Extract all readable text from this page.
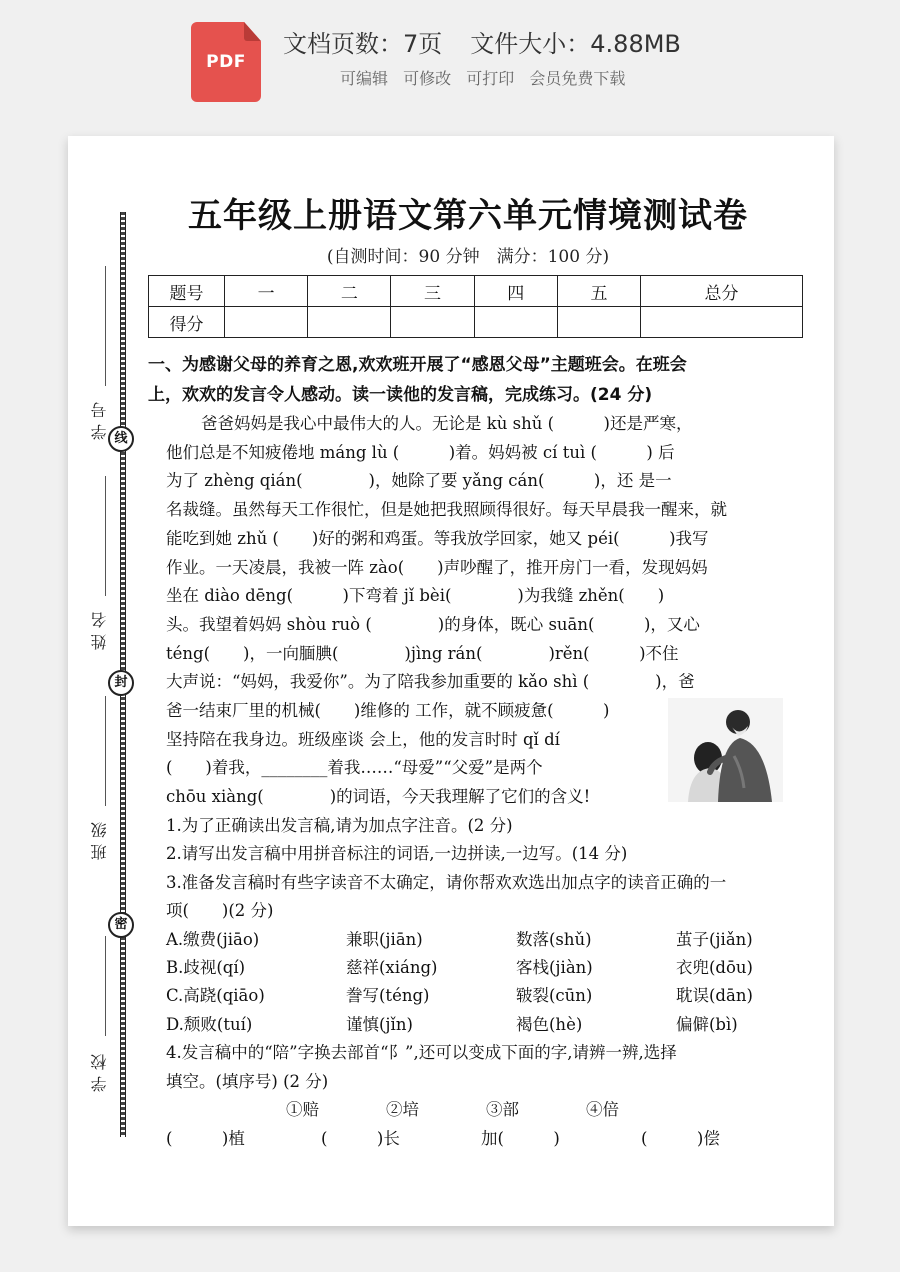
PDF
文档页数：7页 文件大小：4.88MB
可编辑 可修改 可打印 会员免费下载
线
封
密
学号
姓名
班级
学校
五年级上册语文第六单元情境测试卷
(自测时间：90 分钟　满分：100 分)
题号	一	二	三	四	五	总分
得分						
一、为感谢父母的养育之恩,欢欢班开展了“感恩父母”主题班会。在班会
上，欢欢的发言令人感动。读一读他的发言稿，完成练习。(24 分)
爸爸妈妈是我心中最伟大的人。无论是 kù shǔ (　　　)还是严寒，
他们总是不知疲倦地 máng lù (　　　)着。妈妈被 cí tuì (　　　) 后
为了 zhèng qián(　　　　)，她除了要 yǎng cán(　　　)，还 是一
名裁缝。虽然每天工作很忙，但是她把我照顾得很好。每天早晨我一醒来，就
能吃到她 zhǔ (　　)好的粥和鸡蛋。等我放学回家，她又 péi(　　　)我写
作业。一天凌晨，我被一阵 zào(　　)声吵醒了，推开房门一看，发现妈妈
坐在 diào dēng(　　　)下弯着 jǐ bèi(　　　　)为我缝 zhěn(　　)
头。我望着妈妈 shòu ruò (　　　　)的身体，既心 suān(　　　)，又心
téng(　　)，一向腼腆(　　　　)jìng rán(　　　　)rěn(　　　)不住
大声说：“妈妈，我爱你”。为了陪我参加重要的 kǎo shì (　　　　)，爸
爸一结束厂里的机械(　　)维修的 工作，就不顾疲惫(　　　)
坚持陪在我身边。班级座谈 会上，他的发言时时 qǐ dí
(　　)着我，________着我……“母爱”“父爱”是两个
chōu xiàng(　　　　)的词语，今天我理解了它们的含义!
1.为了正确读出发言稿,请为加点字注音。(2 分)
2.请写出发言稿中用拼音标注的词语,一边拼读,一边写。(14 分)
3.准备发言稿时有些字读音不太确定，请你帮欢欢选出加点字的读音正确的一
项(　　)(2 分)
A.缴费(jiāo)	兼职(jiān)	数落(shǔ)	茧子(jiǎn)
B.歧视(qí)	慈祥(xiáng)	客栈(jiàn)	衣兜(dōu)
C.高跷(qiāo)	誊写(téng)	皲裂(cūn)	耽误(dān)
D.颓败(tuí)	谨慎(jǐn)	褐色(hè)	偏僻(bì)
4.发言稿中的“陪”字换去部首“阝”,还可以变成下面的字,请辨一辨,选择
填空。(填序号) (2 分)
①赔	②培	③部	④倍
(　　　)植	(　　　)长	加(　　　)	(　　　)偿
